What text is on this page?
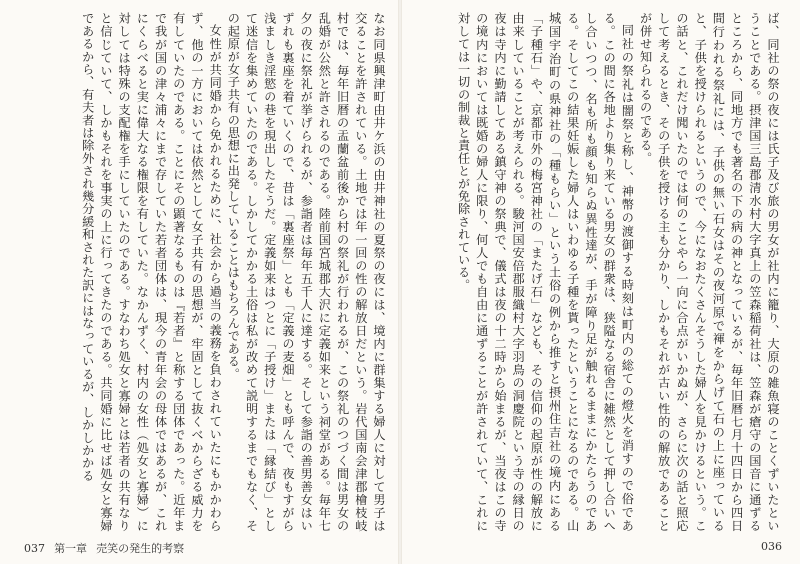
なお同県興津町由井ケ浜の由井神社の夏祭の夜には、境内に群集する婦人に対して男子は交ることを許されている。土地では年一回の性の解放日だという。岩代国南会津郡檜枝岐村では、毎年旧暦の盂蘭盆前後から村の祭礼が行われるが、この祭礼のつづく間は男女の乱婚が公然と許されるのである。陸前国宮城郡大沢に定義如来という祠堂がある。毎年七夕の夜に祭礼が挙げられるが、参詣者は毎年五千人に達する。そして参詣の善男善女はいずれも裏座を着ていくので、昔は「裏座祭」とも「定義の麦畑」とも呼んで、夜もすがら浅ましき淫慾の巷を現出したそうだ。定義如来はつとに「子授け」または「縁結び」として迷信を集めていたのである。しかしてかかる土俗は私が改めて説明するまでもなく、その起原が女子共有の思想に出発していることはもちろんである。

女性が共同婚から免かれるために、社会から過当の義務を負わされていたにもかかわらず、他の一方においては依然として女子共有の思想が、牢固として抜くべからざる威力を有していたのである。ことにその顕著なるものは『若者』と称する団体であった。近年まで我が国の津々浦々にまで存していた若者団体は、現今の青年会の母体ではあるが、これにくらべると実に偉大なる権限を有していた。なかんずく、村内の女性（処女と寡婦）に対しては特殊の支配権を手にしていたのである。すなわち処女と寡婦とは若者の共有なりと信じていて、しかもそれを事実の上に行ってきたのである。共同婚に比せば処女と寡婦であるから、有夫者は除外され幾分緩和された訳にはなっているが、しかしかかる	ば、同社の祭の夜には氏子及び旅の男女が社内に籠り、大原の雑魚寝のことくずいたということである。摂津国三島郡清水村大字真上の笠森稲荷社は、笠森が瘡守の国音に通ずるところから、同地方でも著名の下の病の神となっているが、毎年旧暦七月十四日から四日間行われる祭礼には、子供の無い石女はその夜河原で褌をからげて石の上に座っていると、子供を授けられるというので、今になおたくさんそうした婦人を見かけるという。この話と、これだけ聞いたのでは何のことやら一向に合点がいかぬが、さらに次の話と照応して考えるとき、その子供を授ける主も分かり、しかもそれが古い性的の解放であることが併せ知られるのである。

同社の祭礼は闇祭と称し、神幣の渡御する時刻は町内の総ての燈火を消すので俗である。この間に各地より集り来ている男女の群衆は、狭隘なる宿舎に雑然として押し合いへし合いつつ、名も所も顔も知らぬ異性達が、手が障り足が触れるままにかたらうのである。そしてこの結果妊娠した婦人はいわゆる子種を貰ったということになるのである。山城国宇治町の県神社の「種もらい」という土俗の例から推すと摂州住吉社の境内にある「子種石」や、京都市外の梅宮神社の「またげ石」なども、その信仰の起原が性の解放に由来していることが考えられる。駿河国安倍郡服織村大字羽鳥の洞慶院という寺の縁日の夜は寺内に勤請してある鎮守神の祭典で、儀式は夜の十二時から始まるが、当夜はこの寺の境内においては既婚の婦人に限り、何人でも自由に通ずることが許されていて、これに対しては一切の制裁と責任とが免除されている。

037 第一章 売笑の発生的考察	036
